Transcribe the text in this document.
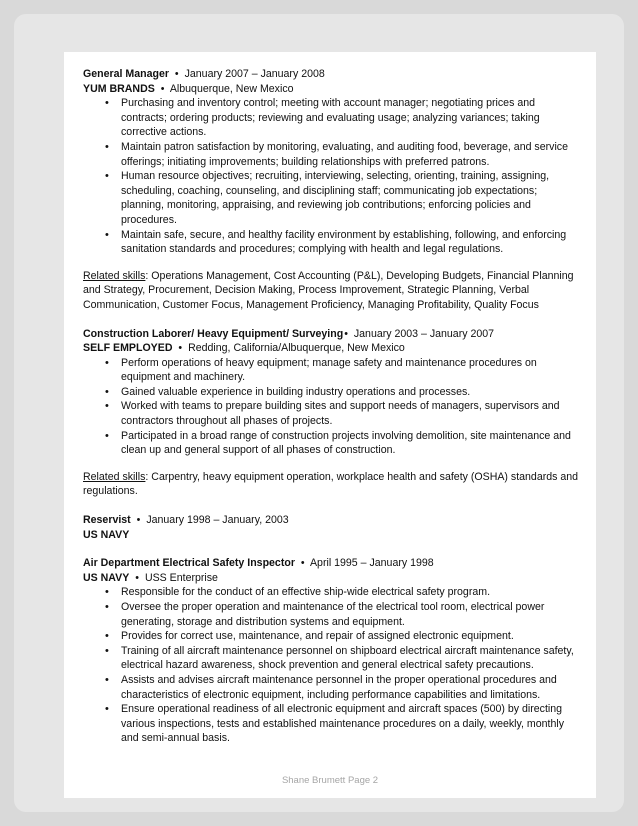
General Manager • January 2007 – January 2008
YUM BRANDS • Albuquerque, New Mexico
• Purchasing and inventory control; meeting with account manager; negotiating prices and contracts; ordering products; reviewing and evaluating usage; analyzing variances; taking corrective actions.
• Maintain patron satisfaction by monitoring, evaluating, and auditing food, beverage, and service offerings; initiating improvements; building relationships with preferred patrons.
• Human resource objectives; recruiting, interviewing, selecting, orienting, training, assigning, scheduling, coaching, counseling, and disciplining staff; communicating job expectations; planning, monitoring, appraising, and reviewing job contributions; enforcing policies and procedures.
• Maintain safe, secure, and healthy facility environment by establishing, following, and enforcing sanitation standards and procedures; complying with health and legal regulations.
Related skills: Operations Management, Cost Accounting (P&L), Developing Budgets, Financial Planning and Strategy, Procurement, Decision Making, Process Improvement, Strategic Planning, Verbal Communication, Customer Focus, Management Proficiency, Managing Profitability, Quality Focus
Construction Laborer/ Heavy Equipment/ Surveying• January 2003 – January 2007
SELF EMPLOYED • Redding, California/Albuquerque, New Mexico
• Perform operations of heavy equipment; manage safety and maintenance procedures on equipment and machinery.
• Gained valuable experience in building industry operations and processes.
• Worked with teams to prepare building sites and support needs of managers, supervisors and contractors throughout all phases of projects.
• Participated in a broad range of construction projects involving demolition, site maintenance and clean up and general support of all phases of construction.
Related skills: Carpentry, heavy equipment operation, workplace health and safety (OSHA) standards and regulations.
Reservist • January 1998 – January, 2003
US NAVY
Air Department Electrical Safety Inspector • April 1995 – January 1998
US NAVY • USS Enterprise
• Responsible for the conduct of an effective ship-wide electrical safety program.
• Oversee the proper operation and maintenance of the electrical tool room, electrical power generating, storage and distribution systems and equipment.
• Provides for correct use, maintenance, and repair of assigned electronic equipment.
• Training of all aircraft maintenance personnel on shipboard electrical aircraft maintenance safety, electrical hazard awareness, shock prevention and general electrical safety precautions.
• Assists and advises aircraft maintenance personnel in the proper operational procedures and characteristics of electronic equipment, including performance capabilities and limitations.
• Ensure operational readiness of all electronic equipment and aircraft spaces (500) by directing various inspections, tests and established maintenance procedures on a daily, weekly, monthly and semi-annual basis.
Shane Brumett Page 2
